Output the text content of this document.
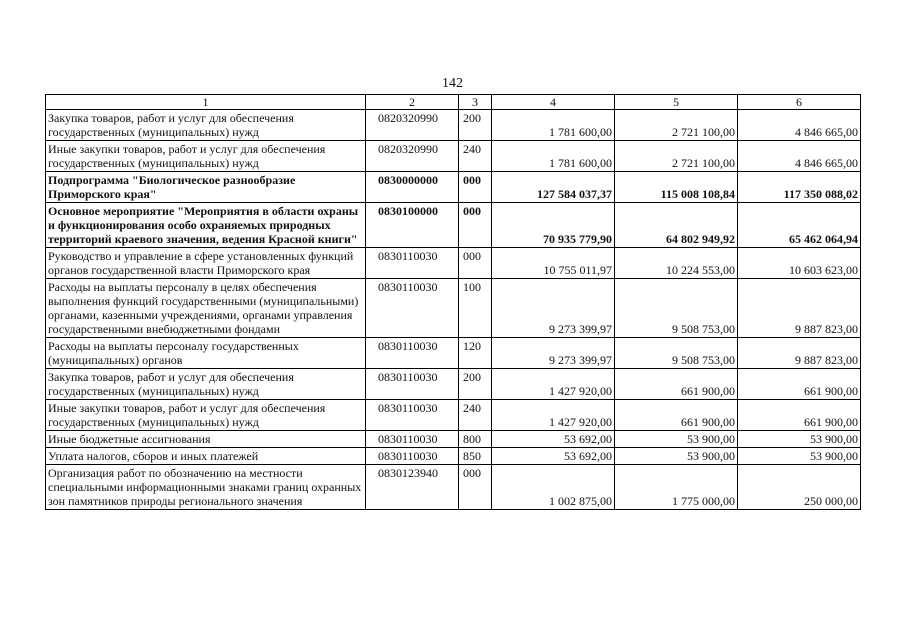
142
1	2	3	4	5	6
Закупка товаров, работ и услуг для обеспечения государственных (муниципальных) нужд	0820320990	200	1 781 600,00	2 721 100,00	4 846 665,00
Иные закупки товаров, работ и услуг для обеспечения государственных (муниципальных) нужд	0820320990	240	1 781 600,00	2 721 100,00	4 846 665,00
Подпрограмма "Биологическое разнообразие Приморского края"	0830000000	000	127 584 037,37	115 008 108,84	117 350 088,02
Основное мероприятие "Мероприятия в области охраны и функционирования особо охраняемых природных территорий краевого значения, ведения Красной книги"	0830100000	000	70 935 779,90	64 802 949,92	65 462 064,94
Руководство и управление в сфере установленных функций органов государственной власти Приморского края	0830110030	000	10 755 011,97	10 224 553,00	10 603 623,00
Расходы на выплаты персоналу в целях обеспечения выполнения функций государственными (муниципальными) органами, казенными учреждениями, органами управления государственными внебюджетными фондами	0830110030	100	9 273 399,97	9 508 753,00	9 887 823,00
Расходы на выплаты персоналу государственных (муниципальных) органов	0830110030	120	9 273 399,97	9 508 753,00	9 887 823,00
Закупка товаров, работ и услуг для обеспечения государственных (муниципальных) нужд	0830110030	200	1 427 920,00	661 900,00	661 900,00
Иные закупки товаров, работ и услуг для обеспечения государственных (муниципальных) нужд	0830110030	240	1 427 920,00	661 900,00	661 900,00
Иные бюджетные ассигнования	0830110030	800	53 692,00	53 900,00	53 900,00
Уплата налогов, сборов и иных платежей	0830110030	850	53 692,00	53 900,00	53 900,00
Организация работ по обозначению на местности специальными информационными знаками границ охранных зон памятников природы регионального значения	0830123940	000	1 002 875,00	1 775 000,00	250 000,00
